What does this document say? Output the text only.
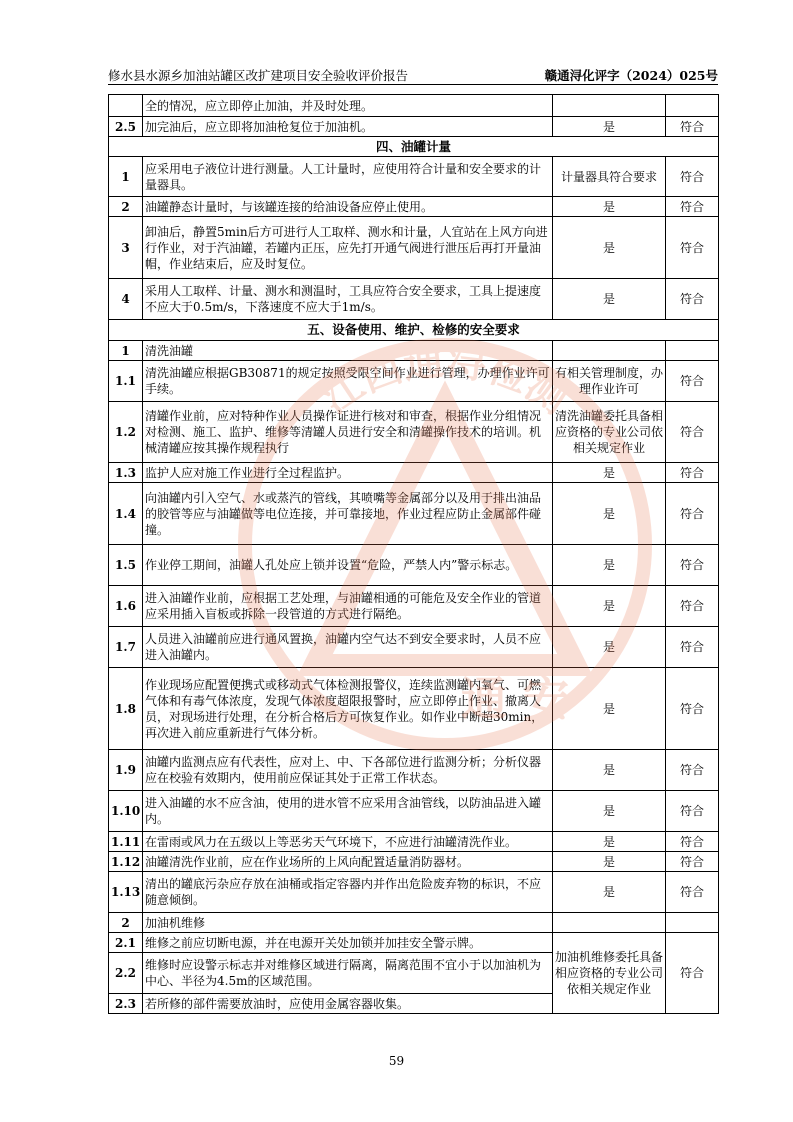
修水县水源乡加油站罐区改扩建项目安全验收评价报告	赣通浔化评字（2024）025号
	全的情况，应立即停止加油，并及时处理。		
2.5	加完油后，应立即将加油枪复位于加油机。	是	符合
四、油罐计量			
1	应采用电子液位计进行测量。人工计量时，应使用符合计量和安全要求的计量器具。	计量器具符合要求	符合
2	油罐静态计量时，与该罐连接的给油设备应停止使用。	是	符合
3	卸油后，静置5min后方可进行人工取样、测水和计量，人宜站在上风方向进行作业，对于汽油罐，若罐内正压，应先打开通气阀进行泄压后再打开量油帽，作业结束后，应及时复位。	是	符合
4	采用人工取样、计量、测水和测温时，工具应符合安全要求，工具上提速度不应大于0.5m/s，下落速度不应大于1m/s。	是	符合
五、设备使用、维护、检修的安全要求			
1	清洗油罐		
1.1	清洗油罐应根据GB30871的规定按照受限空间作业进行管理，办理作业许可手续。	有相关管理制度，办理作业许可	符合
1.2	清罐作业前，应对特种作业人员操作证进行核对和审查，根据作业分组情况对检测、施工、监护、维修等清罐人员进行安全和清罐操作技术的培训。机械清罐应按其操作规程执行	清洗油罐委托具备相应资格的专业公司依相关规定作业	符合
1.3	监护人应对施工作业进行全过程监护。	是	符合
1.4	向油罐内引入空气、水或蒸汽的管线，其喷嘴等金属部分以及用于排出油品的胶管等应与油罐做等电位连接，并可靠接地，作业过程应防止金属部件碰撞。	是	符合
1.5	作业停工期间，油罐人孔处应上锁并设置“危险，严禁人内”警示标志。	是	符合
1.6	进入油罐作业前，应根据工艺处理，与油罐相通的可能危及安全作业的管道应采用插入盲板或拆除一段管道的方式进行隔绝。	是	符合
1.7	人员进入油罐前应进行通风置换，油罐内空气达不到安全要求时，人员不应进入油罐内。	是	符合
1.8	作业现场应配置便携式或移动式气体检测报警仪，连续监测罐内氧气、可燃气体和有毒气体浓度，发现气体浓度超限报警时，应立即停止作业、撤离人员，对现场进行处理，在分析合格后方可恢复作业。如作业中断超30min，再次进入前应重新进行气体分析。	是	符合
1.9	油罐内监测点应有代表性，应对上、中、下各部位进行监测分析；分析仪器应在校验有效期内，使用前应保证其处于正常工作状态。	是	符合
1.10	进入油罐的水不应含油，使用的进水管不应采用含油管线，以防油品进入罐内。	是	符合
1.11	在雷雨或风力在五级以上等恶劣天气环境下，不应进行油罐清洗作业。	是	符合
1.12	油罐清洗作业前，应在作业场所的上风向配置适量消防器材。	是	符合
1.13	清出的罐底污杂应存放在油桶或指定容器内并作出危险废弃物的标识，不应随意倾倒。	是	符合
2	加油机维修		
2.1	维修之前应切断电源，并在电源开关处加锁并加挂安全警示牌。	加油机维修委托具备相应资格的专业公司依相关规定作业	符合
2.2	维修时应设警示标志并对维修区域进行隔离，隔离范围不宜小于以加油机为中心、半径为4.5m的区域范围。		
2.3	若所修的部件需要放油时，应使用金属容器收集。		
江西通浔检测
通 安
59
